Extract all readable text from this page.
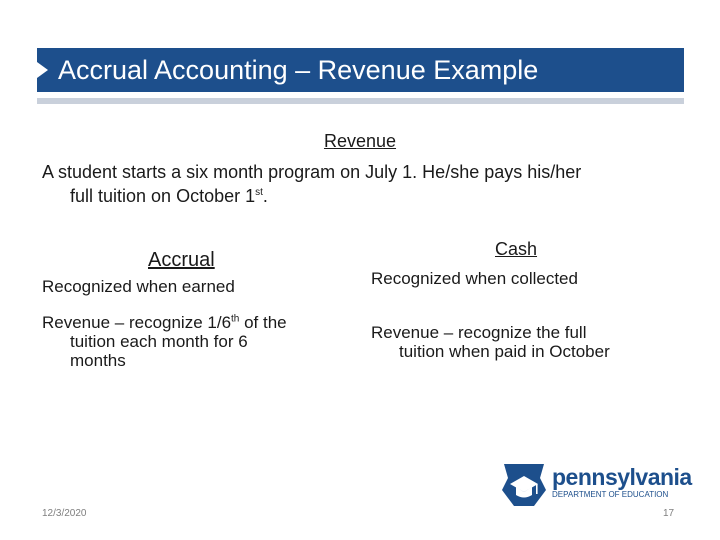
Accrual Accounting – Revenue Example
Revenue
A student starts a six month program on July 1. He/she pays his/her
full tuition on October 1st.
Accrual
Recognized when earned
Revenue – recognize 1/6th of the
tuition each month for 6
months
Cash
Recognized when collected
Revenue – recognize the full
tuition when paid in October
pennsylvania
DEPARTMENT OF EDUCATION
12/3/2020	17
